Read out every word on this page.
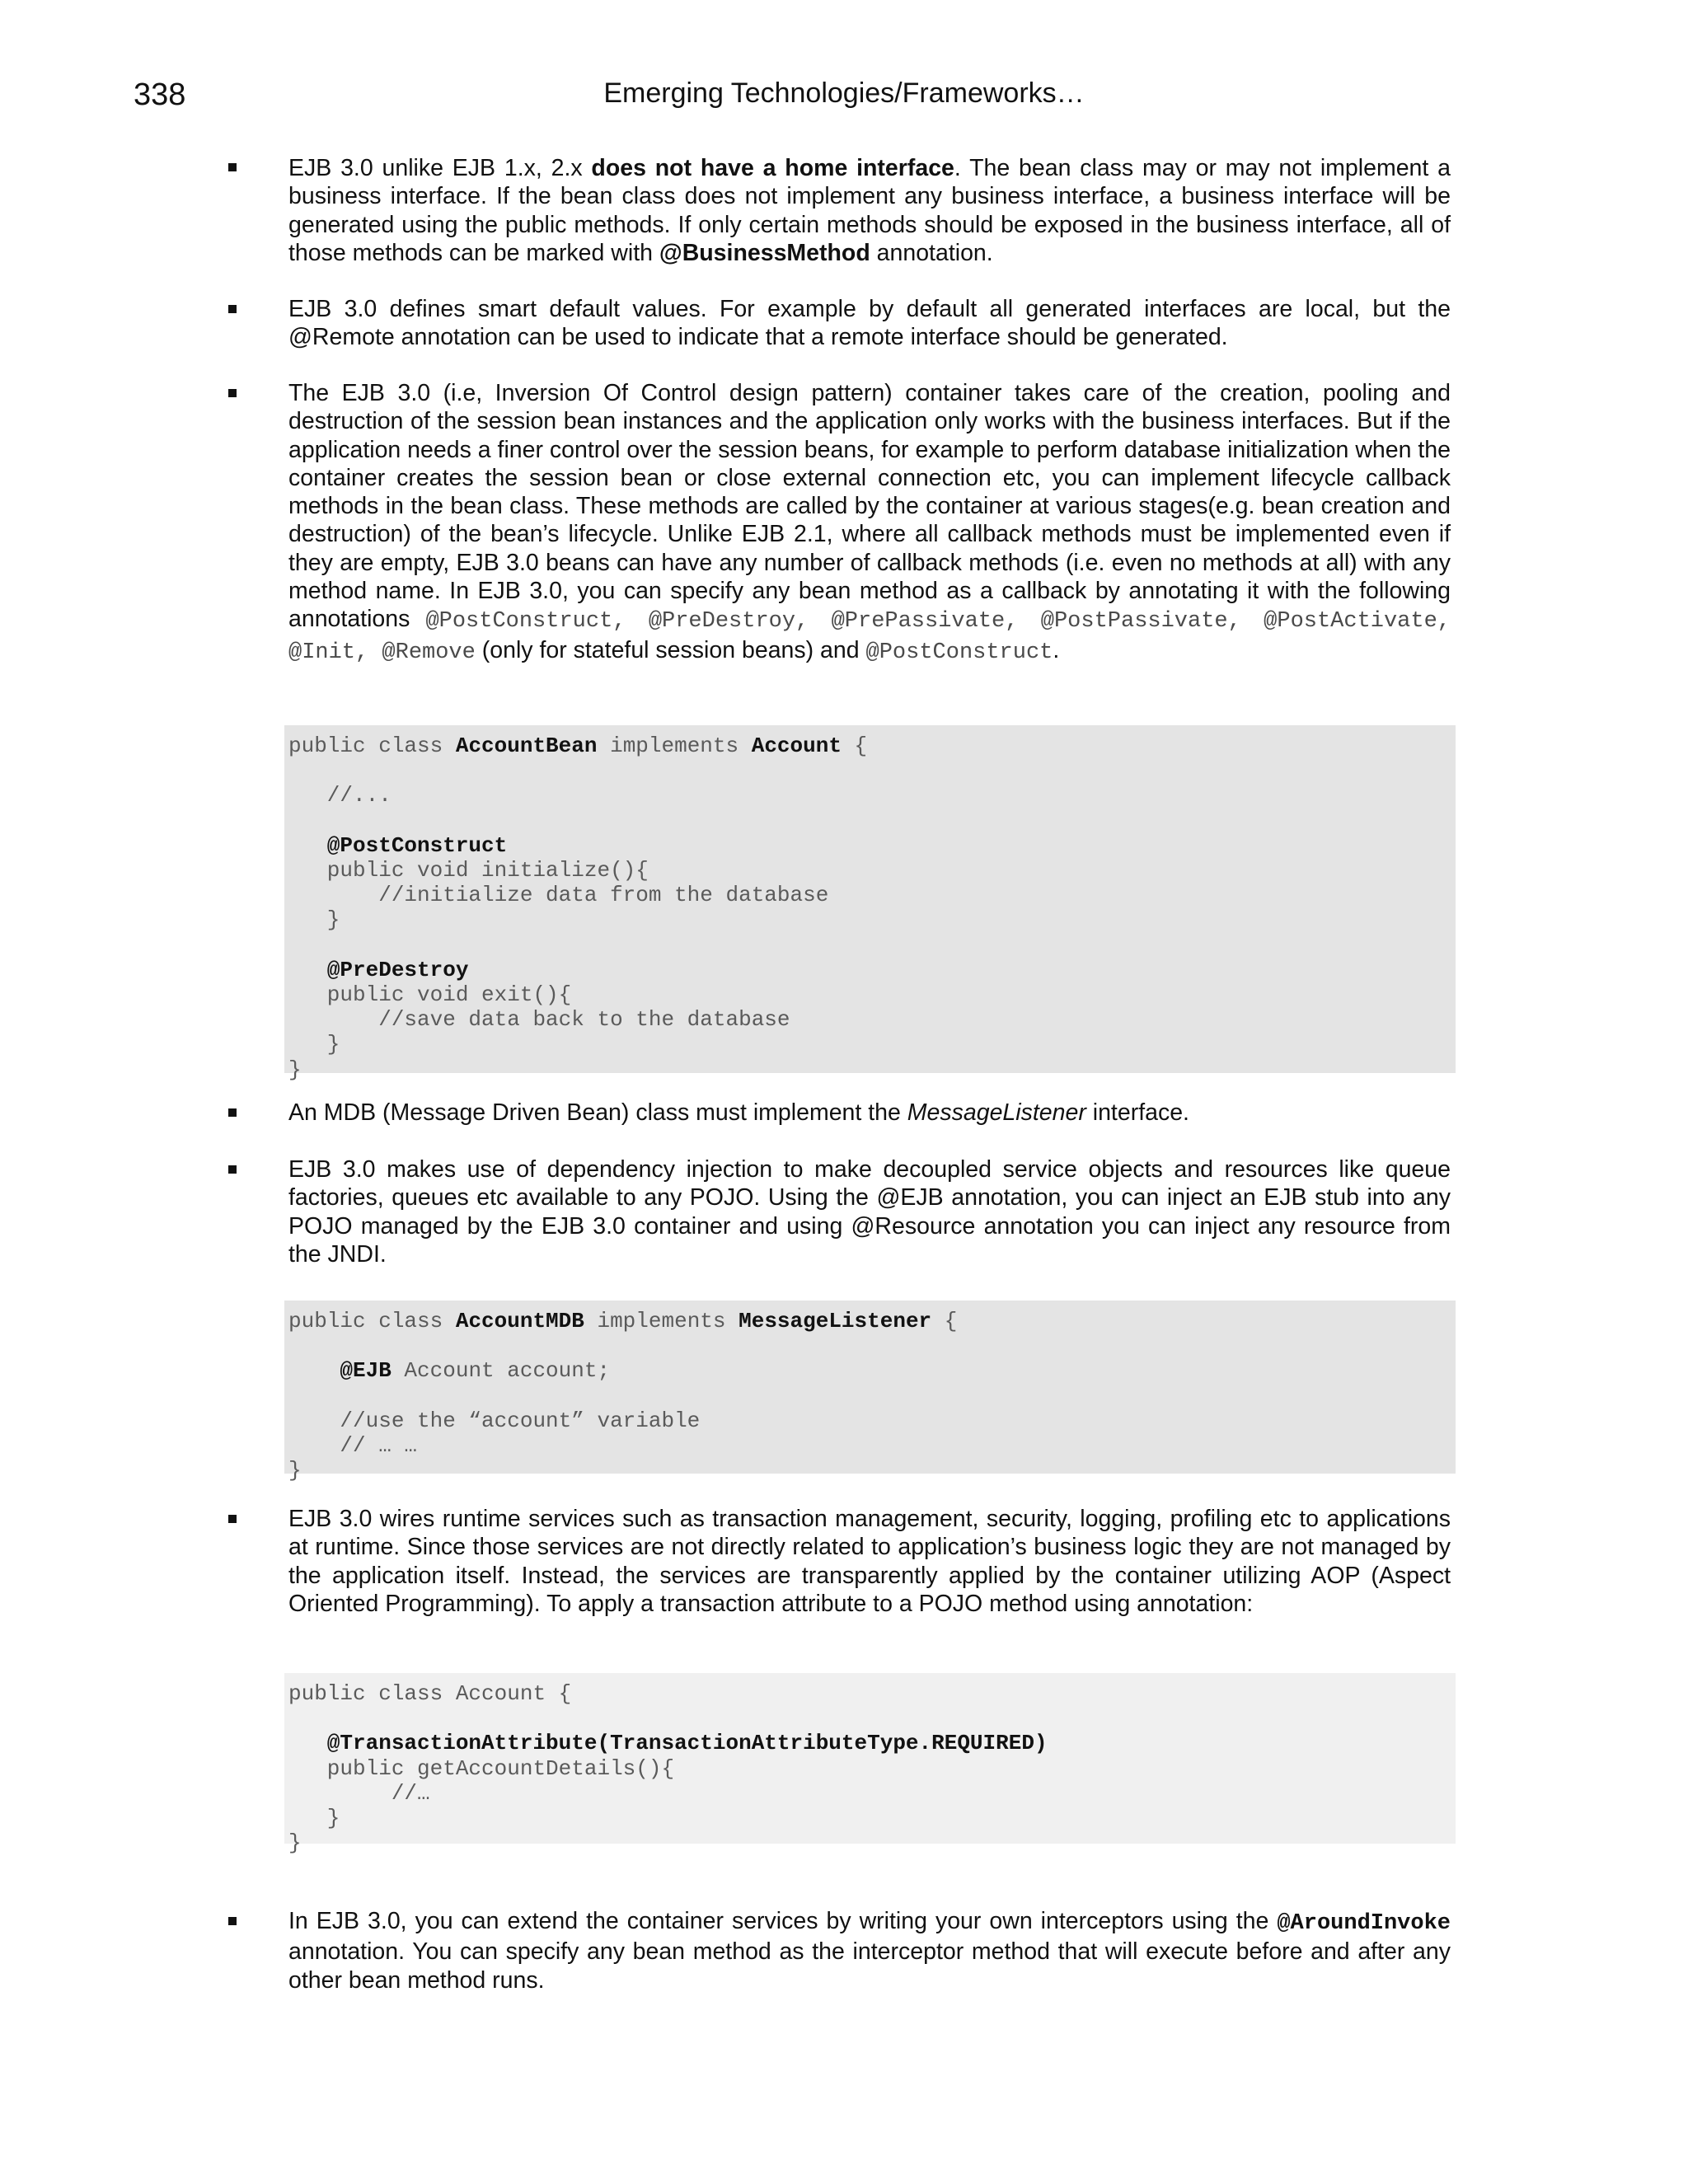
338	Emerging Technologies/Frameworks…
EJB 3.0 unlike EJB 1.x, 2.x does not have a home interface. The bean class may or may not implement a business interface. If the bean class does not implement any business interface, a business interface will be generated using the public methods. If only certain methods should be exposed in the business interface, all of those methods can be marked with @BusinessMethod annotation.
EJB 3.0 defines smart default values. For example by default all generated interfaces are local, but the @Remote annotation can be used to indicate that a remote interface should be generated.
The EJB 3.0 (i.e, Inversion Of Control design pattern) container takes care of the creation, pooling and destruction of the session bean instances and the application only works with the business interfaces. But if the application needs a finer control over the session beans, for example to perform database initialization when the container creates the session bean or close external connection etc, you can implement lifecycle callback methods in the bean class. These methods are called by the container at various stages(e.g. bean creation and destruction) of the bean’s lifecycle. Unlike EJB 2.1, where all callback methods must be implemented even if they are empty, EJB 3.0 beans can have any number of callback methods (i.e. even no methods at all) with any method name. In EJB 3.0, you can specify any bean method as a callback by annotating it with the following annotations @PostConstruct, @PreDestroy, @PrePassivate, @PostPassivate, @PostActivate, @Init, @Remove (only for stateful session beans) and @PostConstruct.
public class AccountBean implements Account {

//...

@PostConstruct
public void initialize(){
//initialize data from the database
}

@PreDestroy
public void exit(){
//save data back to the database
}
}
An MDB (Message Driven Bean) class must implement the MessageListener interface.
EJB 3.0 makes use of dependency injection to make decoupled service objects and resources like queue factories, queues etc available to any POJO. Using the @EJB annotation, you can inject an EJB stub into any POJO managed by the EJB 3.0 container and using @Resource annotation you can inject any resource from the JNDI.
public class AccountMDB implements MessageListener {

@EJB Account account;

//use the “account” variable
// … …
}
EJB 3.0 wires runtime services such as transaction management, security, logging, profiling etc to applications at runtime. Since those services are not directly related to application’s business logic they are not managed by the application itself. Instead, the services are transparently applied by the container utilizing AOP (Aspect Oriented Programming). To apply a transaction attribute to a POJO method using annotation:
public class Account {

@TransactionAttribute(TransactionAttributeType.REQUIRED)
public getAccountDetails(){
//…
}
}
In EJB 3.0, you can extend the container services by writing your own interceptors using the @AroundInvoke annotation. You can specify any bean method as the interceptor method that will execute before and after any other bean method runs.
